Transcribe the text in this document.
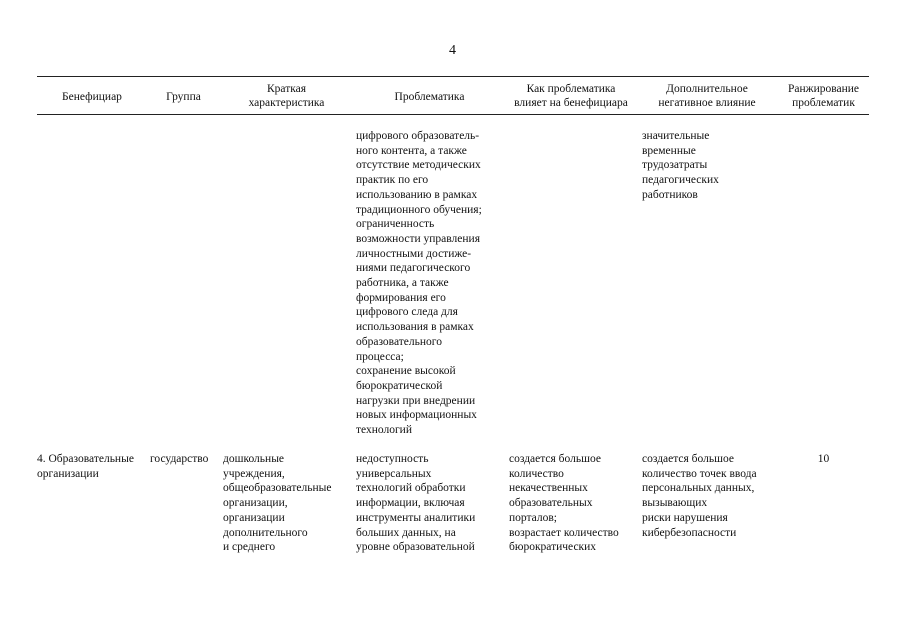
4
Бенефициар	Группа
Краткая
характеристика	Проблематика
Как проблематика
влияет на бенефициара
Дополнительное
негативное влияние
Ранжирование
проблематик
цифрового образователь-
ного контента, а также
отсутствие методических
практик по его
использованию в рамках
традиционного обучения;
ограниченность
возможности управления
личностными достиже-
ниями педагогического
работника, а также
формирования его
цифрового следа для
использования в рамках
образовательного
процесса;
сохранение высокой
бюрократической
нагрузки при внедрении
новых информационных
технологий
значительные
временные
трудозатраты
педагогических
работников
4. Образовательные
организации
государство дошкольные
учреждения,
общеобразовательные
организации,
организации
дополнительного
и среднего
недоступность
универсальных
технологий обработки
информации, включая
инструменты аналитики
больших данных, на
уровне образовательной
создается большое
количество
некачественных
образовательных
порталов;
возрастает количество
бюрократических
создается большое
количество точек ввода
персональных данных,
вызывающих
риски нарушения
кибербезопасности
10
